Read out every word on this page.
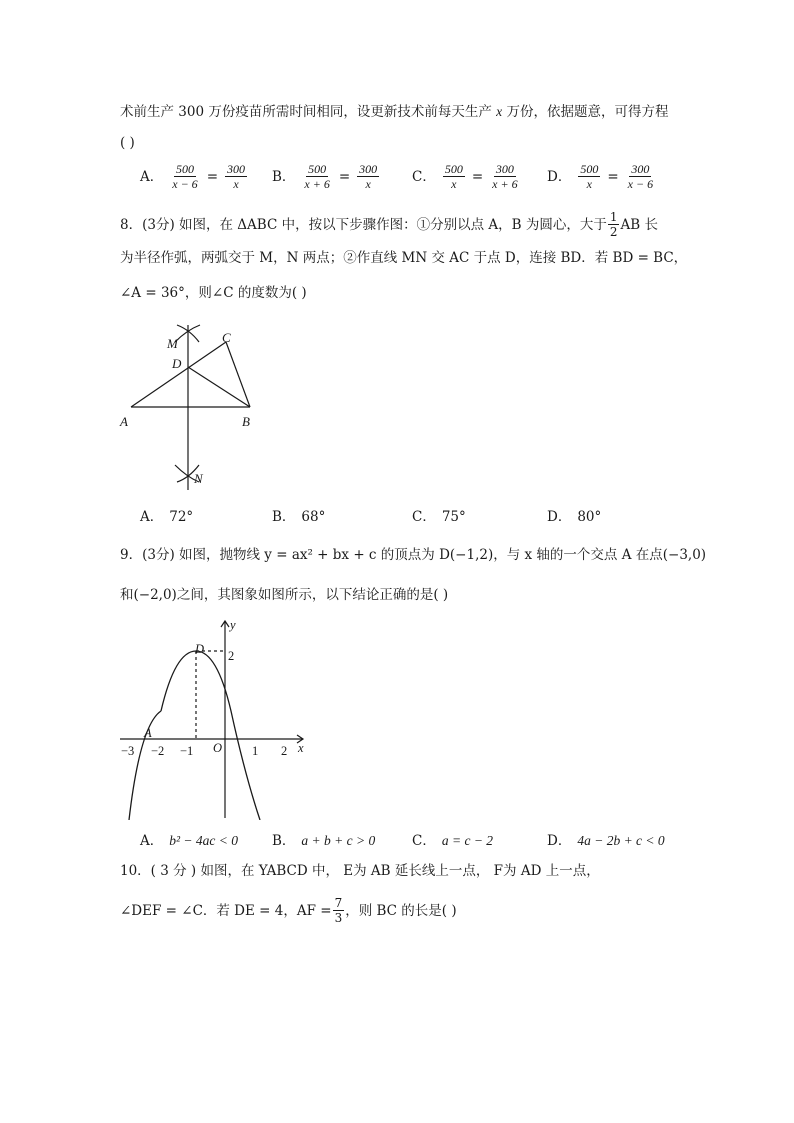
术前生产 300 万份疫苗所需时间相同，设更新技术前每天生产 x 万份，依据题意，可得方程
( )
A． $\frac{500}{x - 6} = \frac{300}{x}$ B． $\frac{500}{x + 6} = \frac{300}{x}$ C． $\frac{500}{x} = \frac{300}{x + 6}$ D． $\frac{500}{x} = \frac{300}{x - 6}$
8．(3分) 如图，在 ΔABC 中，按以下步骤作图：①分别以点 A，B 为圆心，大于 $\frac{1}{2}$ AB 长
为半径作弧，两弧交于 M，N 两点；②作直线 MN 交 AC 于点 D，连接 BD．若 BD = BC，
∠A = 36°，则∠C 的度数为( )
M
D
C
A	B
N
A． 72°	B． 68°	C． 75°	D． 80°
9．(3分) 如图，抛物线 y = ax² + bx + c 的顶点为 D(−1,2)，与 x 轴的一个交点 A 在点(−3,0)
和(−2,0)之间，其图象如图所示，以下结论正确的是( )
y
x
D 2
A
O
−3 −2 −1	1 2
A． b² − 4ac < 0	B． a + b + c > 0	C． a = c − 2	D． 4a − 2b + c < 0
10．( 3 分 ) 如图，在 YABCD 中， E为 AB 延长线上一点， F为 AD 上一点，
∠DEF = ∠C．若 DE = 4，AF = $\frac{7}{3}$ ，则 BC 的长是( )
